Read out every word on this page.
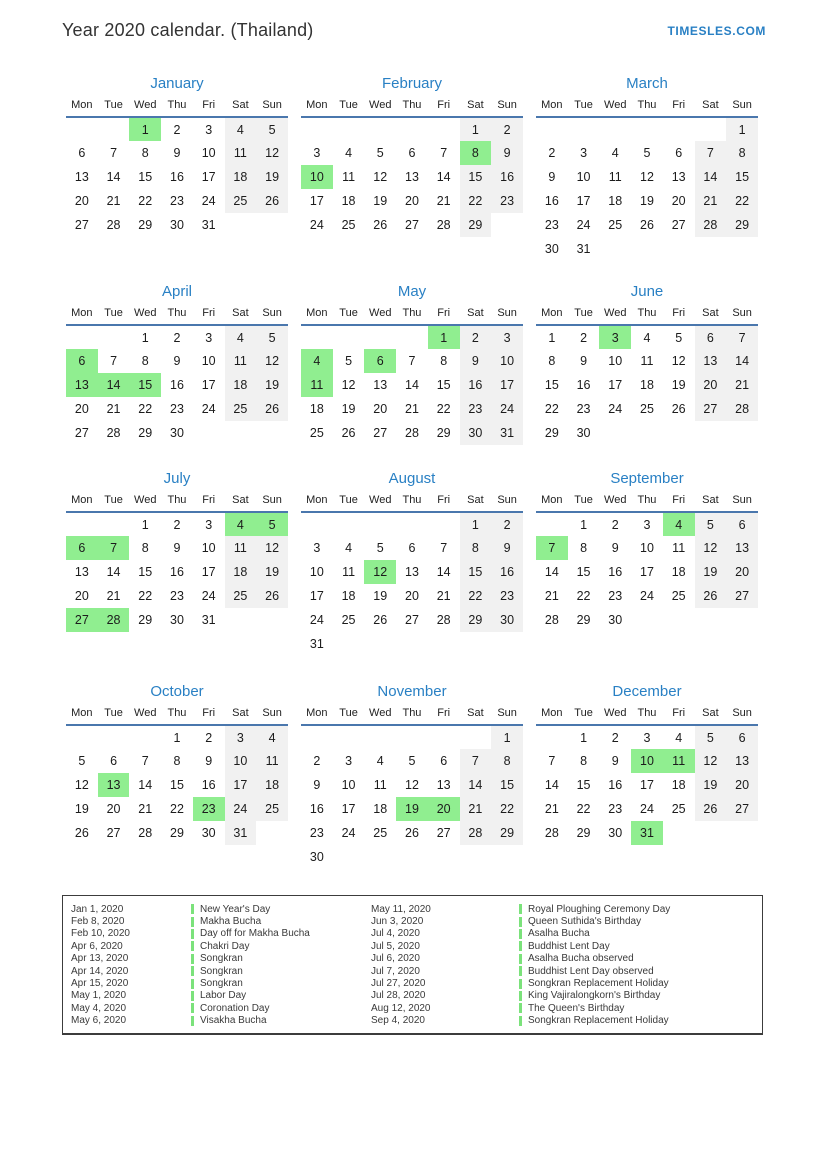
Year 2020 calendar. (Thailand)	TIMESLES.COM
January
Mon	Tue	Wed	Thu	Fri	Sat	Sun
		1	2	3	4	5
6	7	8	9	10	11	12
13	14	15	16	17	18	19
20	21	22	23	24	25	26
27	28	29	30	31		
February
Mon	Tue	Wed	Thu	Fri	Sat	Sun
					1	2
3	4	5	6	7	8	9
10	11	12	13	14	15	16
17	18	19	20	21	22	23
24	25	26	27	28	29	
March
Mon	Tue	Wed	Thu	Fri	Sat	Sun
						1
2	3	4	5	6	7	8
9	10	11	12	13	14	15
16	17	18	19	20	21	22
23	24	25	26	27	28	29
30	31					
April
Mon	Tue	Wed	Thu	Fri	Sat	Sun
		1	2	3	4	5
6	7	8	9	10	11	12
13	14	15	16	17	18	19
20	21	22	23	24	25	26
27	28	29	30			
May
Mon	Tue	Wed	Thu	Fri	Sat	Sun
				1	2	3
4	5	6	7	8	9	10
11	12	13	14	15	16	17
18	19	20	21	22	23	24
25	26	27	28	29	30	31
June
Mon	Tue	Wed	Thu	Fri	Sat	Sun
1	2	3	4	5	6	7
8	9	10	11	12	13	14
15	16	17	18	19	20	21
22	23	24	25	26	27	28
29	30					
July
Mon	Tue	Wed	Thu	Fri	Sat	Sun
		1	2	3	4	5
6	7	8	9	10	11	12
13	14	15	16	17	18	19
20	21	22	23	24	25	26
27	28	29	30	31		
August
Mon	Tue	Wed	Thu	Fri	Sat	Sun
					1	2
3	4	5	6	7	8	9
10	11	12	13	14	15	16
17	18	19	20	21	22	23
24	25	26	27	28	29	30
31						
September
Mon	Tue	Wed	Thu	Fri	Sat	Sun
	1	2	3	4	5	6
7	8	9	10	11	12	13
14	15	16	17	18	19	20
21	22	23	24	25	26	27
28	29	30				
October
Mon	Tue	Wed	Thu	Fri	Sat	Sun
			1	2	3	4
5	6	7	8	9	10	11
12	13	14	15	16	17	18
19	20	21	22	23	24	25
26	27	28	29	30	31	
November
Mon	Tue	Wed	Thu	Fri	Sat	Sun
						1
2	3	4	5	6	7	8
9	10	11	12	13	14	15
16	17	18	19	20	21	22
23	24	25	26	27	28	29
30						
December
Mon	Tue	Wed	Thu	Fri	Sat	Sun
	1	2	3	4	5	6
7	8	9	10	11	12	13
14	15	16	17	18	19	20
21	22	23	24	25	26	27
28	29	30	31			
Jan 1, 2020	New Year's Day	May 11, 2020	Royal Ploughing Ceremony Day
Feb 8, 2020	Makha Bucha	Jun 3, 2020	Queen Suthida's Birthday
Feb 10, 2020	Day off for Makha Bucha	Jul 4, 2020	Asalha Bucha
Apr 6, 2020	Chakri Day	Jul 5, 2020	Buddhist Lent Day
Apr 13, 2020	Songkran	Jul 6, 2020	Asalha Bucha observed
Apr 14, 2020	Songkran	Jul 7, 2020	Buddhist Lent Day observed
Apr 15, 2020	Songkran	Jul 27, 2020	Songkran Replacement Holiday
May 1, 2020	Labor Day	Jul 28, 2020	King Vajiralongkorn's Birthday
May 4, 2020	Coronation Day	Aug 12, 2020	The Queen's Birthday
May 6, 2020	Visakha Bucha	Sep 4, 2020	Songkran Replacement Holiday
